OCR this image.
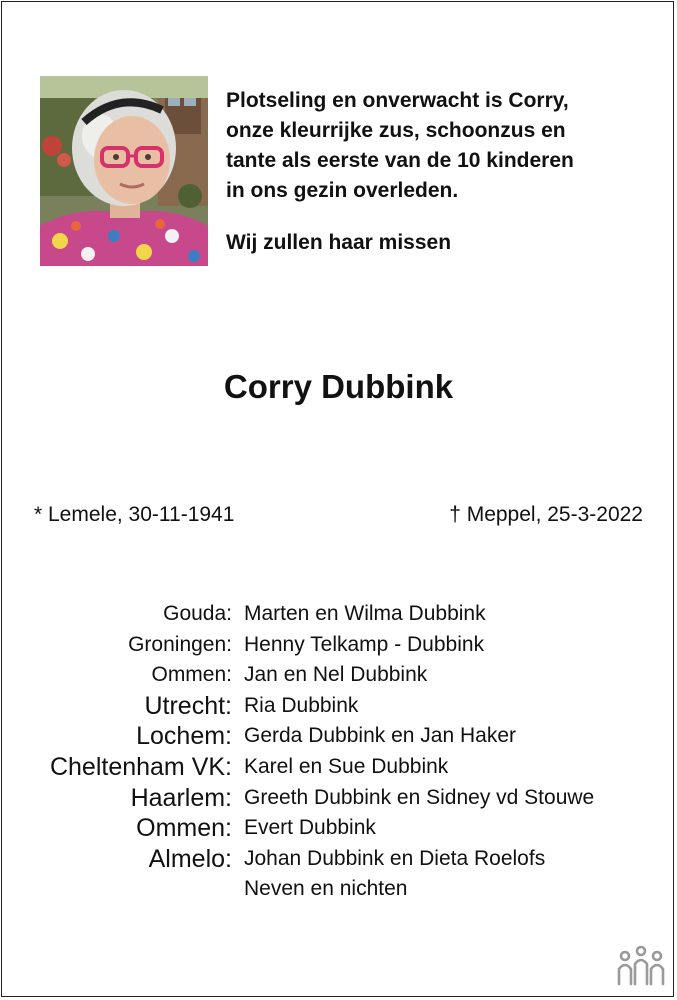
Plotseling en onverwacht is Corry,

onze kleurrijke zus, schoonzus en

tante als eerste van de 10 kinderen

in ons gezin overleden.

Wij zullen haar missen

Corry Dubbink
* Lemele, 30-11-1941	† Meppel, 25-3-2022
Gouda: Marten en Wilma Dubbink
Groningen: Henny Telkamp - Dubbink
Ommen: Jan en Nel Dubbink
Utrecht: Ria Dubbink
Lochem: Gerda Dubbink en Jan Haker
Cheltenham VK: Karel en Sue Dubbink
Haarlem: Greeth Dubbink en Sidney vd Stouwe
Ommen: Evert Dubbink
Almelo: Johan Dubbink en Dieta Roelofs
Neven en nichten
